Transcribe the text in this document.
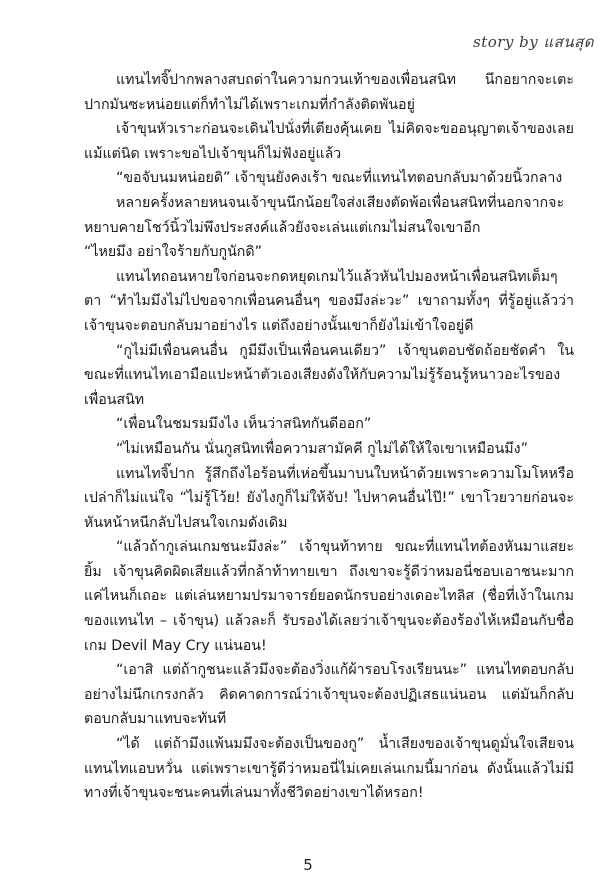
story by แสนสุด

แทนไทจิ๊ปากพลางสบถด่าในความกวนเท้าของเพื่อนสนิท นึกอยากจะเตะปากมันซะหน่อยแต่ก็ทำไม่ได้เพราะเกมที่กำลังติดพันอยู่

เจ้าขุนหัวเราะก่อนจะเดินไปนั่งที่เตียงคุ้นเคย ไม่คิดจะขออนุญาตเจ้าของเลยแม้แต่นิด เพราะขอไปเจ้าขุนก็ไม่ฟังอยู่แล้ว

“ขอจับนมหน่อยดิ” เจ้าขุนยังคงเร้า ขณะที่แทนไทตอบกลับมาด้วยนิ้วกลาง

หลายครั้งหลายหนจนเจ้าขุนนึกน้อยใจส่งเสียงตัดพ้อเพื่อนสนิทที่นอกจากจะหยาบคายโชว์นิ้วไม่พึงประสงค์แล้วยังจะเล่นแต่เกมไม่สนใจเขาอีก

“ไหยมึง อย่าใจร้ายกับกูนักดิ”

แทนไทถอนหายใจก่อนจะกดหยุดเกมไว้แล้วหันไปมองหน้าเพื่อนสนิทเต็มๆ ตา “ทำไมมึงไม่ไปขอจากเพื่อนคนอื่นๆ ของมึงล่ะวะ” เขาถามทั้งๆ ที่รู้อยู่แล้วว่าเจ้าขุนจะตอบกลับมาอย่างไร แต่ถึงอย่างนั้นเขาก็ยังไม่เข้าใจอยู่ดี

“กูไม่มีเพื่อนคนอื่น กูมีมึงเป็นเพื่อนคนเดียว” เจ้าขุนตอบชัดถ้อยชัดคำ ในขณะที่แทนไทเอามือแปะหน้าตัวเองเสียงดังให้กับความไม่รู้ร้อนรู้หนาวอะไรของเพื่อนสนิท

“เพื่อนในชมรมมึงไง เห็นว่าสนิทกันดีออก”

“ไม่เหมือนกัน นั่นกูสนิทเพื่อความสามัคคี กูไม่ได้ให้ใจเขาเหมือนมึง”

แทนไทจิ๊ปาก รู้สึกถึงไอร้อนที่เห่อขึ้นมาบนใบหน้าด้วยเพราะความโมโหหรือเปล่าก็ไม่แน่ใจ “ไม่รู้โว้ย! ยังไงกูก็ไม่ให้จับ! ไปหาคนอื่นไป๊!” เขาโวยวายก่อนจะหันหน้าหนีกลับไปสนใจเกมดังเดิม

“แล้วถ้ากูเล่นเกมชนะมึงล่ะ” เจ้าขุนท้าทาย ขณะที่แทนไทต้องหันมาแสยะยิ้ม เจ้าขุนคิดผิดเสียแล้วที่กล้าท้าทายเขา ถึงเขาจะรู้ดีว่าหมอนี่ชอบเอาชนะมากแค่ไหนก็เถอะ แต่เล่นหยามปรมาจารย์ยอดนักรบอย่างเดอะไทลิส (ชื่อที่เง้าในเกมของแทนไท – เจ้าขุน) แล้วละก็ รับรองได้เลยว่าเจ้าขุนจะต้องร้องไห้เหมือนกับชื่อเกม Devil May Cry แน่นอน!

“เอาสิ แต่ถ้ากูชนะแล้วมึงจะต้องวิ่งแก้ผ้ารอบโรงเรียนนะ” แทนไทตอบกลับอย่างไม่นึกเกรงกลัว คิดคาดการณ์ว่าเจ้าขุนจะต้องปฏิเสธแน่นอน แต่มันก็กลับตอบกลับมาแทบจะทันที

“ได้ แต่ถ้ามึงแพ้นมมึงจะต้องเป็นของกู” น้ำเสียงของเจ้าขุนดูมั่นใจเสียจนแทนไทแอบหวั่น แต่เพราะเขารู้ดีว่าหมอนี่ไม่เคยเล่นเกมนี้มาก่อน ดังนั้นแล้วไม่มีทางที่เจ้าขุนจะชนะคนที่เล่นมาทั้งชีวิตอย่างเขาได้หรอก!

5
